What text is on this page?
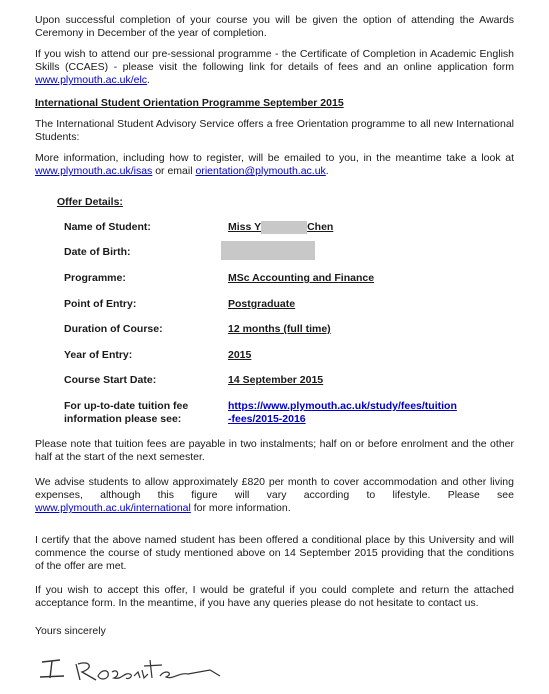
Upon successful completion of your course you will be given the option of attending the Awards Ceremony in December of the year of completion.

If you wish to attend our pre-sessional programme - the Certificate of Completion in Academic English Skills (CCAES) - please visit the following link for details of fees and an online application form www.plymouth.ac.uk/elc.

International Student Orientation Programme September 2015

The International Student Advisory Service offers a free Orientation programme to all new International Students:

More information, including how to register, will be emailed to you, in the meantime take a look at www.plymouth.ac.uk/isas or email orientation@plymouth.ac.uk.

Offer Details:
Name of Student:	Miss Y	Chen
Date of Birth:
Programme:	MSc Accounting and Finance
Point of Entry:	Postgraduate
Duration of Course:	12 months (full time)
Year of Entry:	2015
Course Start Date:	14 September 2015
For up-to-date tuition fee
information please see:
https://www.plymouth.ac.uk/study/fees/tuition
-fees/2015-2016

Please note that tuition fees are payable in two instalments; half on or before enrolment and the other half at the start of the next semester.

We advise students to allow approximately £820 per month to cover accommodation and other living expenses, although this figure will vary according to lifestyle. Please see www.plymouth.ac.uk/international for more information.

I certify that the above named student has been offered a conditional place by this University and will commence the course of study mentioned above on 14 September 2015 providing that the conditions of the offer are met.

If you wish to accept this offer, I would be grateful if you could complete and return the attached acceptance form. In the meantime, if you have any queries please do not hesitate to contact us.

Yours sincerely
I Rossiter
